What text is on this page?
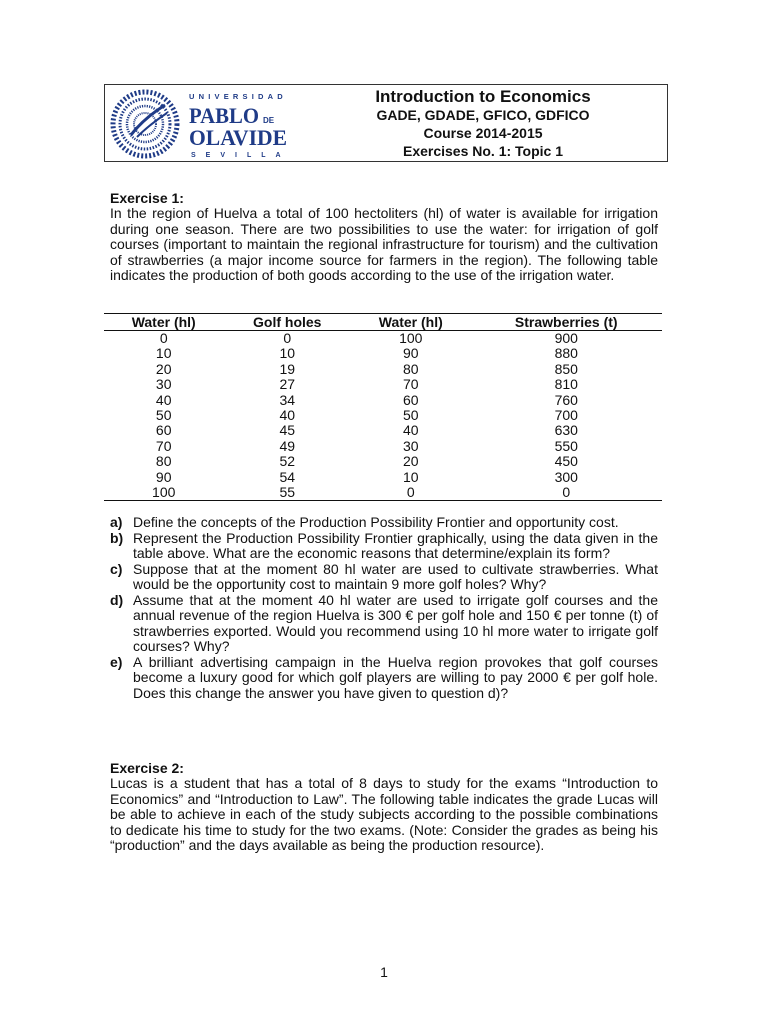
UNIVERSIDAD
PABLO DE
OLAVIDE
SEVILLA
Introduction to Economics
GADE, GDADE, GFICO, GDFICO
Course 2014-2015
Exercises No. 1: Topic 1

Exercise 1:

In the region of Huelva a total of 100 hectoliters (hl) of water is available for irrigation during one season. There are two possibilities to use the water: for irrigation of golf courses (important to maintain the regional infrastructure for tourism) and the cultivation of strawberries (a major income source for farmers in the region). The following table indicates the production of both goods according to the use of the irrigation water.

Water (hl)	Golf holes	Water (hl)	Strawberries (t)
0	0	100	900
10	10	90	880
20	19	80	850
30	27	70	810
40	34	60	760
50	40	50	700
60	45	40	630
70	49	30	550
80	52	20	450
90	54	10	300
100	55	0	0
a) Define the concepts of the Production Possibility Frontier and opportunity cost.
b) Represent the Production Possibility Frontier graphically, using the data given in the table above. What are the economic reasons that determine/explain its form?
c) Suppose that at the moment 80 hl water are used to cultivate strawberries. What would be the opportunity cost to maintain 9 more golf holes? Why?
d) Assume that at the moment 40 hl water are used to irrigate golf courses and the annual revenue of the region Huelva is 300 € per golf hole and 150 € per tonne (t) of strawberries exported. Would you recommend using 10 hl more water to irrigate golf courses? Why?
e) A brilliant advertising campaign in the Huelva region provokes that golf courses become a luxury good for which golf players are willing to pay 2000 € per golf hole. Does this change the answer you have given to question d)?

Exercise 2:

Lucas is a student that has a total of 8 days to study for the exams “Introduction to Economics” and “Introduction to Law”. The following table indicates the grade Lucas will be able to achieve in each of the study subjects according to the possible combinations to dedicate his time to study for the two exams. (Note: Consider the grades as being his “production” and the days available as being the production resource).

1
